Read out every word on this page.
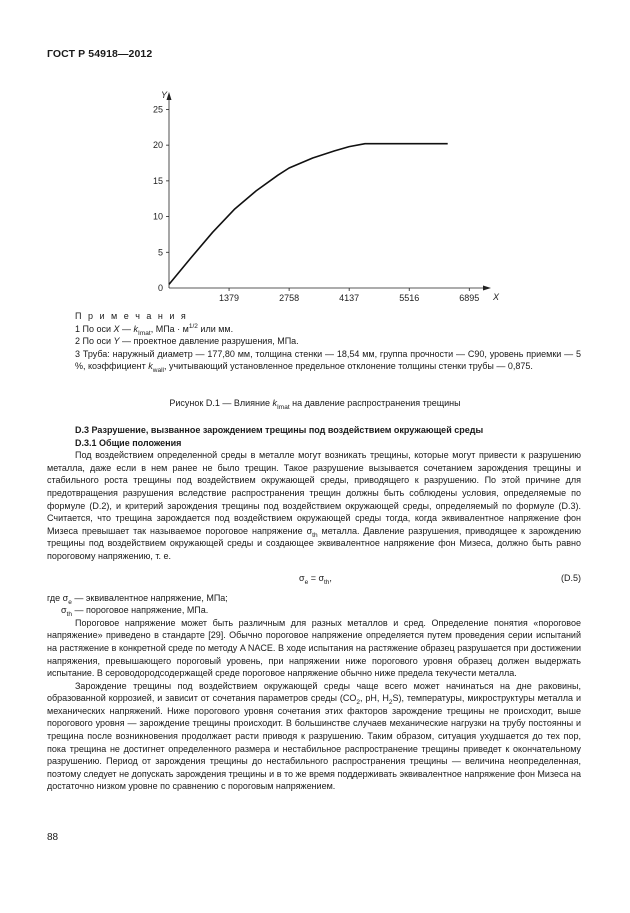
ГОСТ Р 54918—2012
Y
X
0
5
10
15
20
25
1379	2758	4137	5516	6895

П р и м е ч а н и я

1 По оси X — $k_{Imat}$, МПа · $м^{1/2}$ или мм.

2 По оси Y — проектное давление разрушения, МПа.

3 Труба: наружный диаметр — 177,80 мм, толщина стенки — 18,54 мм, группа прочности — С90, уровень приемки — 5 %, коэффициент $k_{wall}$, учитывающий установленное предельное отклонение толщины стенки трубы — 0,875.

Рисунок D.1 — Влияние $k_{Imat}$ на давление распространения трещины
D.3 Разрушение, вызванное зарождением трещины под воздействием окружающей среды
D.3.1 Общие положения

Под воздействием определенной среды в металле могут возникать трещины, которые могут привести к разрушению металла, даже если в нем ранее не было трещин. Такое разрушение вызывается сочетанием зарождения трещины и стабильного роста трещины под воздействием окружающей среды, приводящего к разрушению. По этой причине для предотвращения разрушения вследствие распространения трещин должны быть соблюдены условия, определяемые по формуле (D.2), и критерий зарождения трещины под воздействием окружающей среды, определяемый по формуле (D.3). Считается, что трещина зарождается под воздействием окружающей среды тогда, когда эквивалентное напряжение фон Мизеса превышает так называемое пороговое напряжение $\sigma_{th}$ металла. Давление разрушения, приводящее к зарождению трещины под воздействием окружающей среды и создающее эквивалентное напряжение фон Мизеса, должно быть равно пороговому напряжению, т. е.

$\sigma_e = \sigma_{th}$,	(D.5)

где $\sigma_e$ — эквивалентное напряжение, МПа;

$\sigma_{th}$ — пороговое напряжение, МПа.

Пороговое напряжение может быть различным для разных металлов и сред. Определение понятия «пороговое напряжение» приведено в стандарте [29]. Обычно пороговое напряжение определяется путем проведения серии испытаний на растяжение в конкретной среде по методу A NACE. В ходе испытания на растяжение образец разрушается при достижении напряжения, превышающего пороговый уровень, при напряжении ниже порогового уровня образец должен выдержать испытание. В сероводородсодержащей среде пороговое напряжение обычно ниже предела текучести металла.

Зарождение трещины под воздействием окружающей среды чаще всего может начинаться на дне раковины, образованной коррозией, и зависит от сочетания параметров среды ($CO_2$, pH, $H_2S$), температуры, микроструктуры металла и механических напряжений. Ниже порогового уровня сочетания этих факторов зарождение трещины не происходит, выше порогового уровня — зарождение трещины происходит. В большинстве случаев механические нагрузки на трубу постоянны и трещина после возникновения продолжает расти приводя к разрушению. Таким образом, ситуация ухудшается до тех пор, пока трещина не достигнет определенного размера и нестабильное распространение трещины приведет к окончательному разрушению. Период от зарождения трещины до нестабильного распространения трещины — величина неопределенная, поэтому следует не допускать зарождения трещины и в то же время поддерживать эквивалентное напряжение фон Мизеса на достаточно низком уровне по сравнению с пороговым напряжением.

88
